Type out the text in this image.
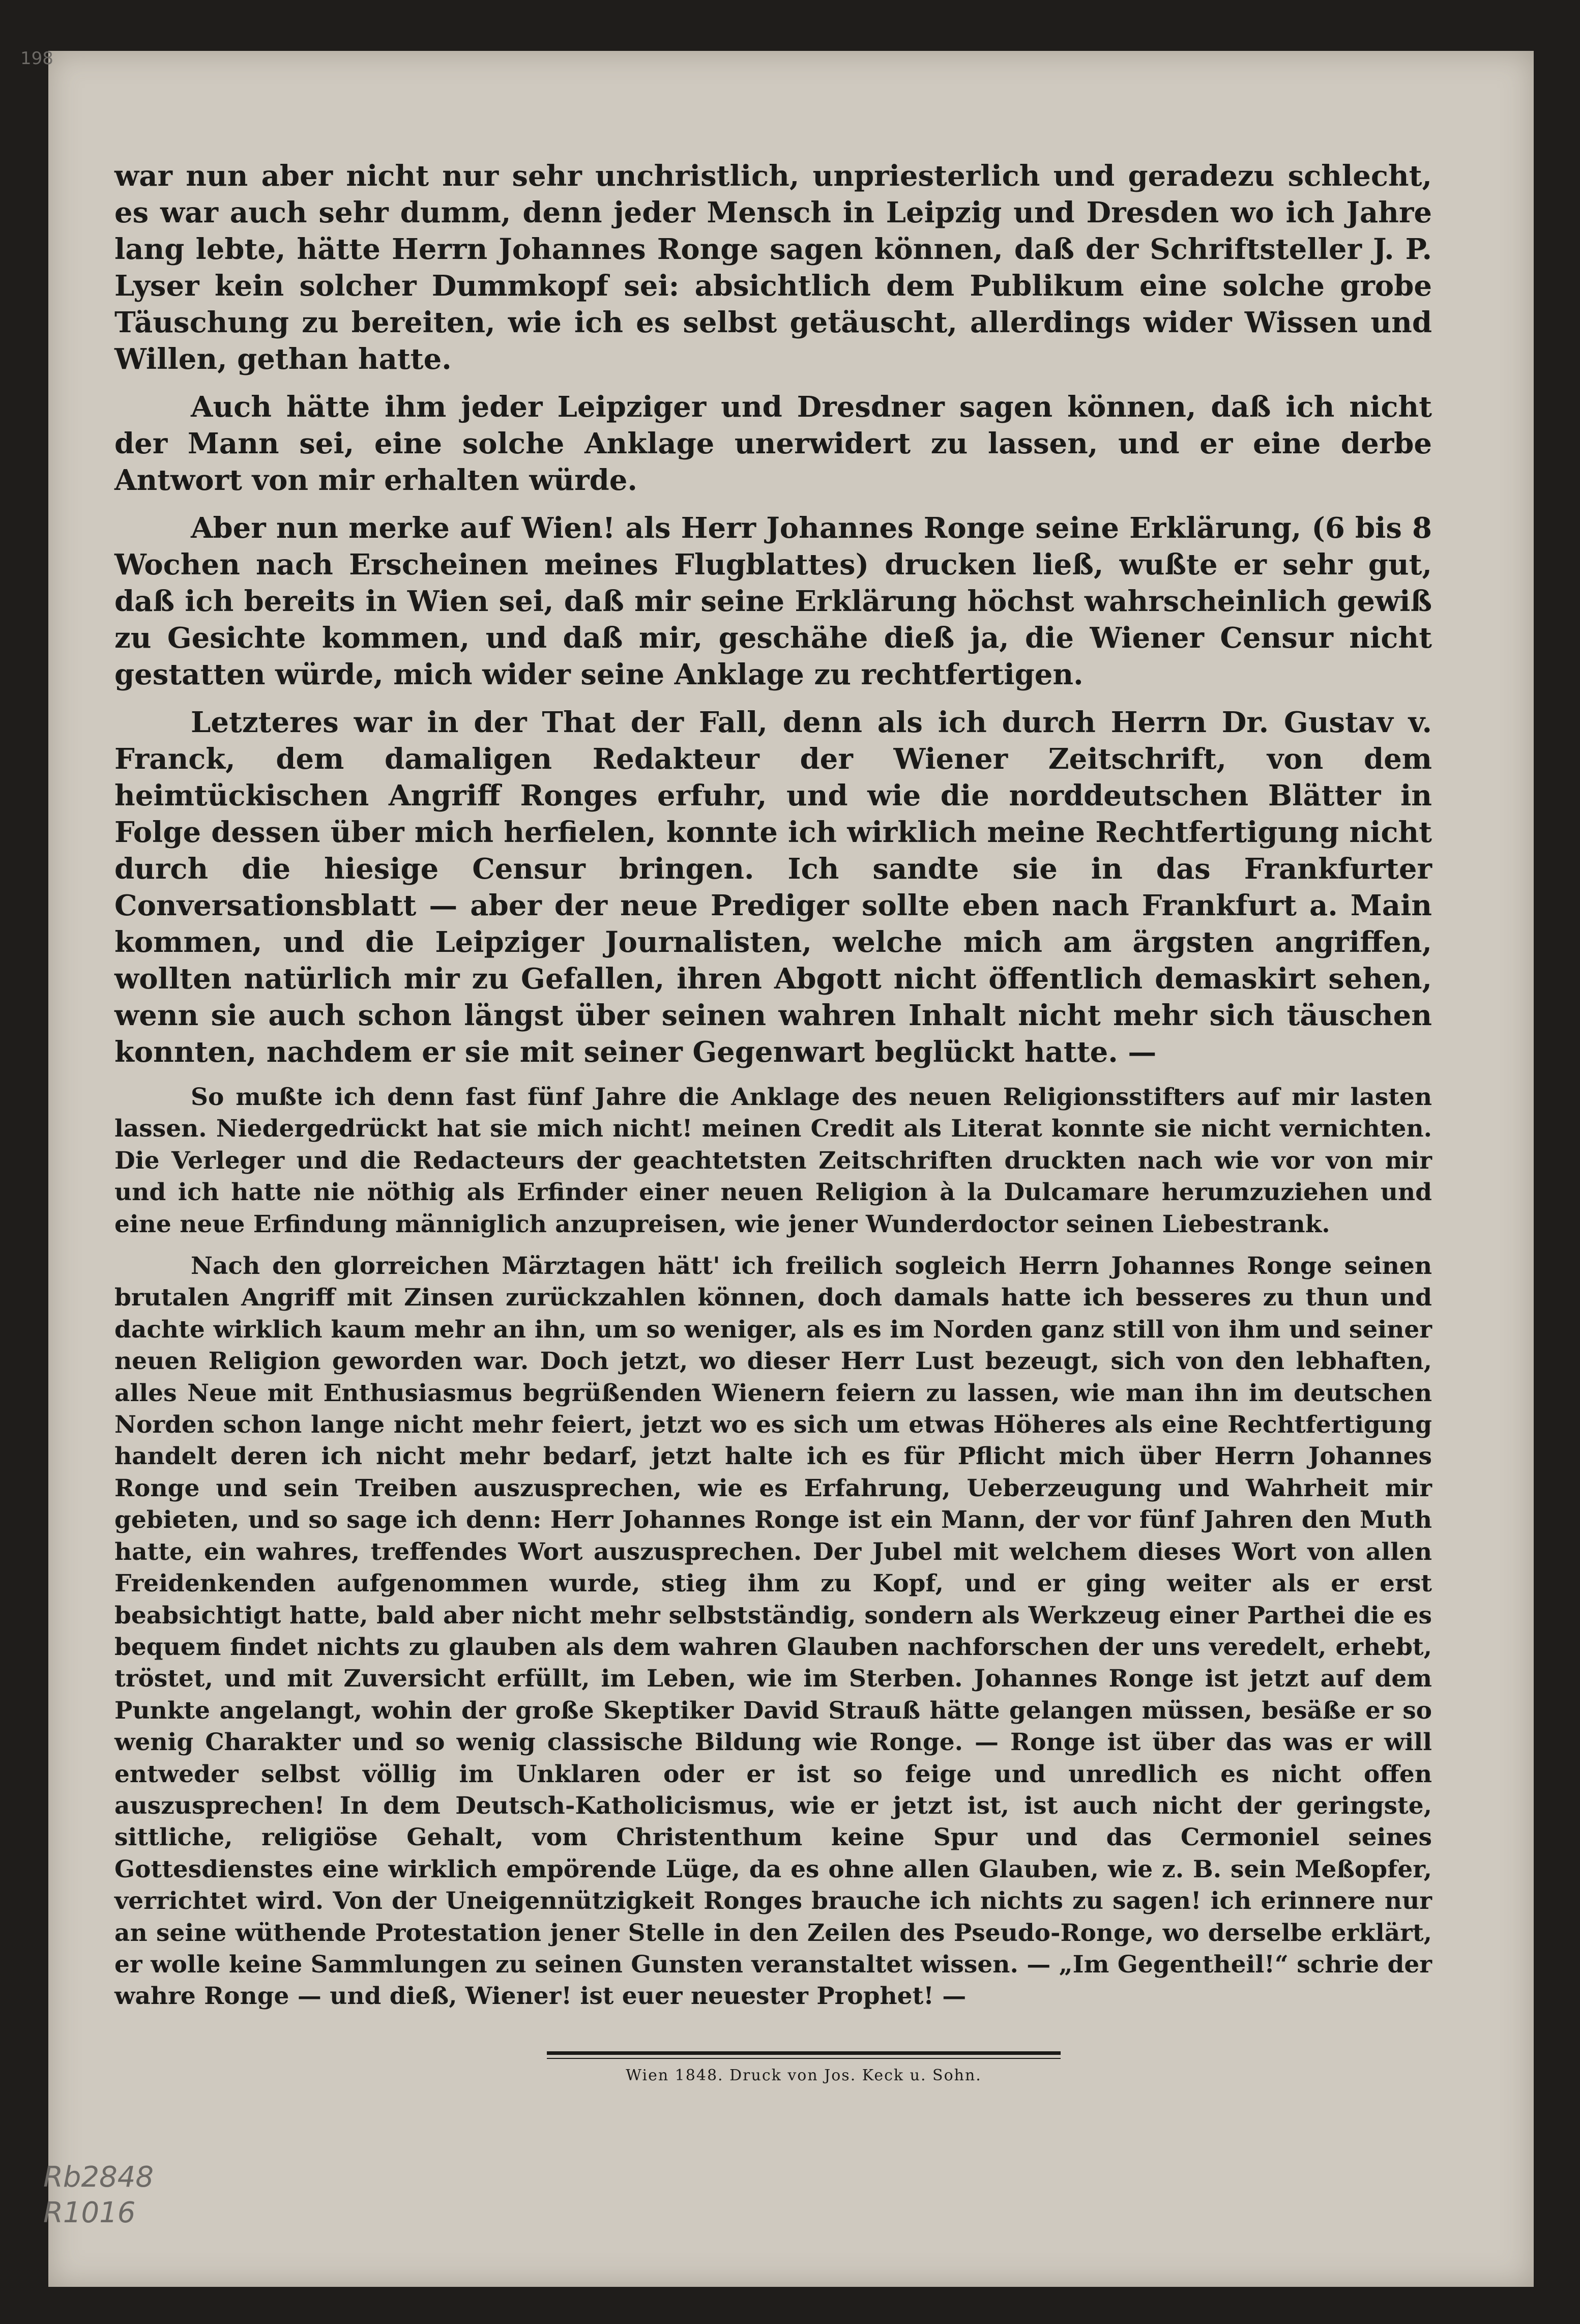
198

war nun aber nicht nur sehr unchristlich, unpriesterlich und geradezu schlecht, es war auch sehr dumm, denn jeder Mensch in Leipzig und Dresden wo ich Jahre lang lebte, hätte Herrn Johannes Ronge sagen können, daß der Schriftsteller J. P. Lyser kein solcher Dummkopf sei: absichtlich dem Publikum eine solche grobe Täuschung zu bereiten, wie ich es selbst getäuscht, allerdings wider Wissen und Willen, gethan hatte.

Auch hätte ihm jeder Leipziger und Dresdner sagen können, daß ich nicht der Mann sei, eine solche Anklage unerwidert zu lassen, und er eine derbe Antwort von mir erhalten würde.

Aber nun merke auf Wien! als Herr Johannes Ronge seine Erklärung, (6 bis 8 Wochen nach Erscheinen meines Flugblattes) drucken ließ, wußte er sehr gut, daß ich bereits in Wien sei, daß mir seine Erklärung höchst wahrscheinlich gewiß zu Gesichte kommen, und daß mir, geschähe dieß ja, die Wiener Censur nicht gestatten würde, mich wider seine Anklage zu rechtfertigen.

Letzteres war in der That der Fall, denn als ich durch Herrn Dr. Gustav v. Franck, dem damaligen Redakteur der Wiener Zeitschrift, von dem heimtückischen Angriff Ronges erfuhr, und wie die norddeutschen Blätter in Folge dessen über mich herfielen, konnte ich wirklich meine Rechtfertigung nicht durch die hiesige Censur bringen. Ich sandte sie in das Frankfurter Conversationsblatt — aber der neue Prediger sollte eben nach Frankfurt a. Main kommen, und die Leipziger Journalisten, welche mich am ärgsten angriffen, wollten natürlich mir zu Gefallen, ihren Abgott nicht öffentlich demaskirt sehen, wenn sie auch schon längst über seinen wahren Inhalt nicht mehr sich täuschen konnten, nachdem er sie mit seiner Gegenwart beglückt hatte. —

So mußte ich denn fast fünf Jahre die Anklage des neuen Religionsstifters auf mir lasten lassen. Niedergedrückt hat sie mich nicht! meinen Credit als Literat konnte sie nicht vernichten. Die Verleger und die Redacteurs der geachtetsten Zeitschriften druckten nach wie vor von mir und ich hatte nie nöthig als Erfinder einer neuen Religion à la Dulcamare herumzuziehen und eine neue Erfindung männiglich anzupreisen, wie jener Wunderdoctor seinen Liebestrank.

Nach den glorreichen Märztagen hätt' ich freilich sogleich Herrn Johannes Ronge seinen brutalen Angriff mit Zinsen zurückzahlen können, doch damals hatte ich besseres zu thun und dachte wirklich kaum mehr an ihn, um so weniger, als es im Norden ganz still von ihm und seiner neuen Religion geworden war. Doch jetzt, wo dieser Herr Lust bezeugt, sich von den lebhaften, alles Neue mit Enthusiasmus begrüßenden Wienern feiern zu lassen, wie man ihn im deutschen Norden schon lange nicht mehr feiert, jetzt wo es sich um etwas Höheres als eine Rechtfertigung handelt deren ich nicht mehr bedarf, jetzt halte ich es für Pflicht mich über Herrn Johannes Ronge und sein Treiben auszusprechen, wie es Erfahrung, Ueberzeugung und Wahrheit mir gebieten, und so sage ich denn: Herr Johannes Ronge ist ein Mann, der vor fünf Jahren den Muth hatte, ein wahres, treffendes Wort auszusprechen. Der Jubel mit welchem dieses Wort von allen Freidenkenden aufgenommen wurde, stieg ihm zu Kopf, und er ging weiter als er erst beabsichtigt hatte, bald aber nicht mehr selbstständig, sondern als Werkzeug einer Parthei die es bequem findet nichts zu glauben als dem wahren Glauben nachforschen der uns veredelt, erhebt, tröstet, und mit Zuversicht erfüllt, im Leben, wie im Sterben. Johannes Ronge ist jetzt auf dem Punkte angelangt, wohin der große Skeptiker David Strauß hätte gelangen müssen, besäße er so wenig Charakter und so wenig classische Bildung wie Ronge. — Ronge ist über das was er will entweder selbst völlig im Unklaren oder er ist so feige und unredlich es nicht offen auszusprechen! In dem Deutsch-Katholicismus, wie er jetzt ist, ist auch nicht der geringste, sittliche, religiöse Gehalt, vom Christenthum keine Spur und das Cermoniel seines Gottesdienstes eine wirklich empörende Lüge, da es ohne allen Glauben, wie z. B. sein Meßopfer, verrichtet wird. Von der Uneigennützigkeit Ronges brauche ich nichts zu sagen! ich erinnere nur an seine wüthende Protestation jener Stelle in den Zeilen des Pseudo-Ronge, wo derselbe erklärt, er wolle keine Sammlungen zu seinen Gunsten veranstaltet wissen. — „Im Gegentheil!“ schrie der wahre Ronge — und dieß, Wiener! ist euer neuester Prophet! —

Wien 1848. Druck von Jos. Keck u. Sohn.
Rb2848
R1016
